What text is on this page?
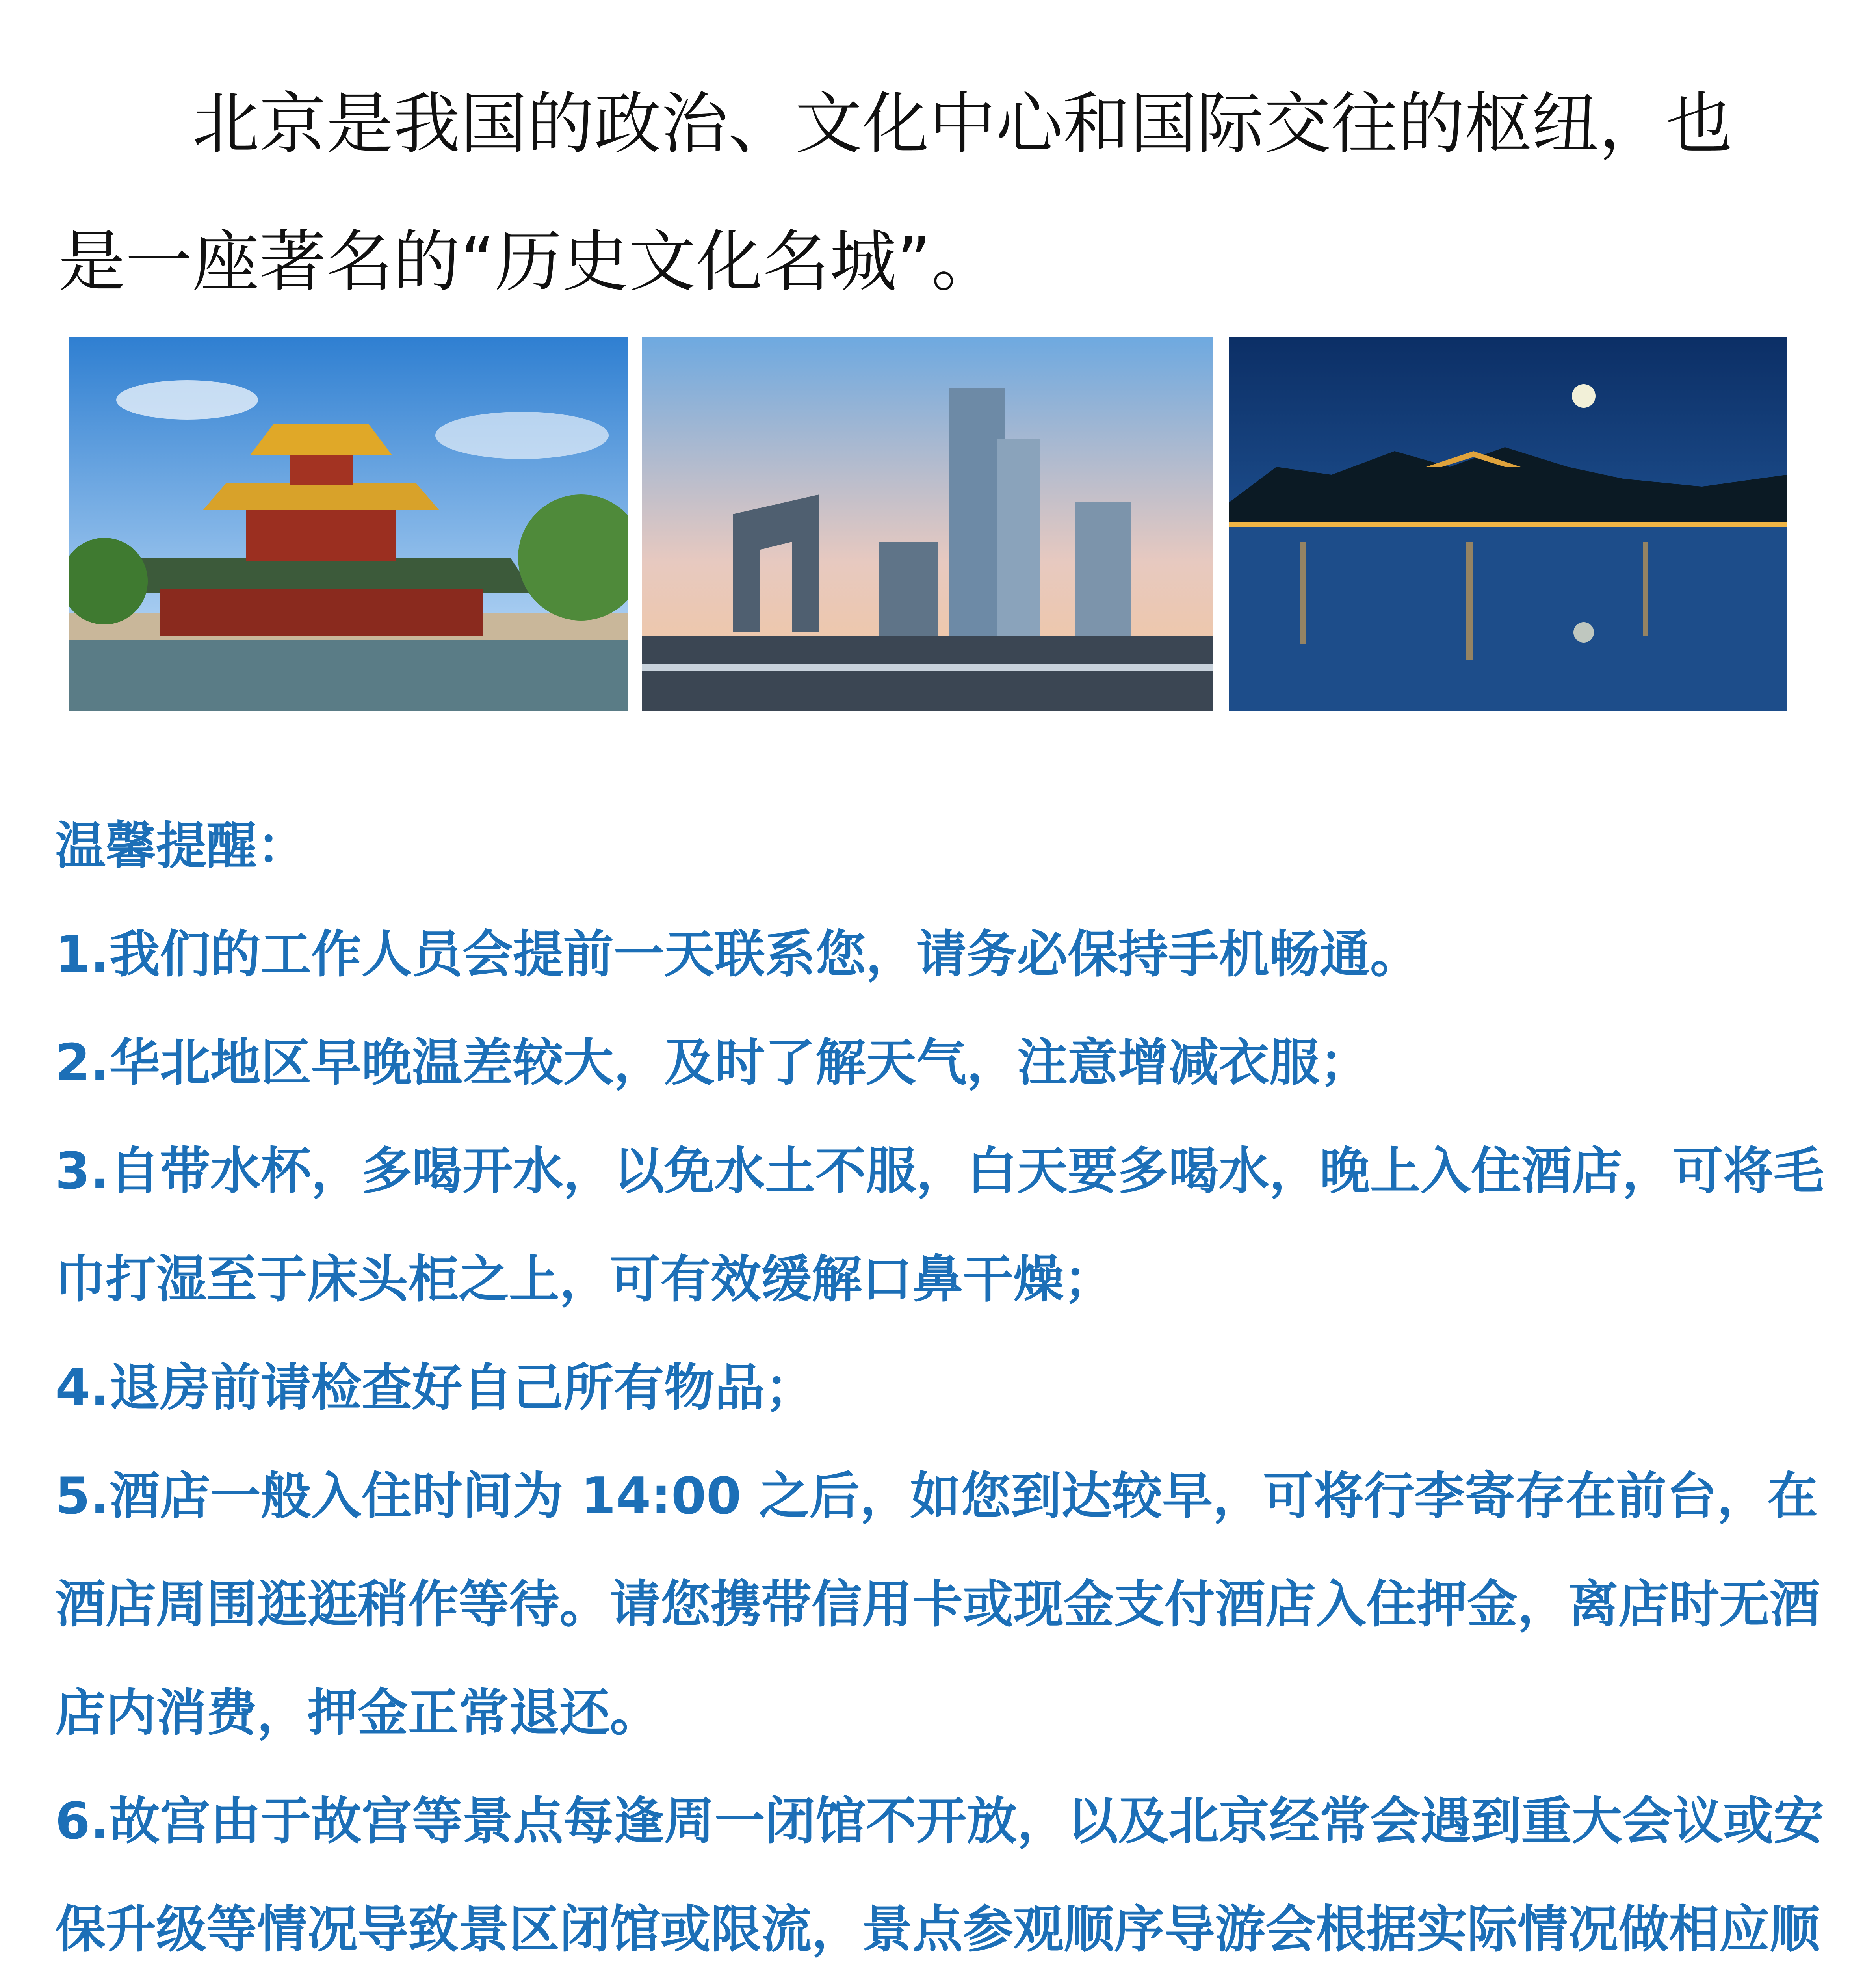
北京是我国的政治、文化中心和国际交往的枢纽，也

是一座著名的“历史文化名城”。

温馨提醒：

1.我们的工作人员会提前一天联系您，请务必保持手机畅通。

2.华北地区早晚温差较大，及时了解天气，注意增减衣服；

3.自带水杯，多喝开水，以免水土不服，白天要多喝水，晚上入住酒店，可将毛巾打湿至于床头柜之上，可有效缓解口鼻干燥；

4.退房前请检查好自己所有物品；

5.酒店一般入住时间为 14:00 之后，如您到达较早，可将行李寄存在前台，在酒店周围逛逛稍作等待。请您携带信用卡或现金支付酒店入住押金，离店时无酒店内消费，押金正常退还。

6.故宫由于故宫等景点每逢周一闭馆不开放，以及北京经常会遇到重大会议或安保升级等情况导致景区闭馆或限流，景点参观顺序导游会根据实际情况做相应顺
